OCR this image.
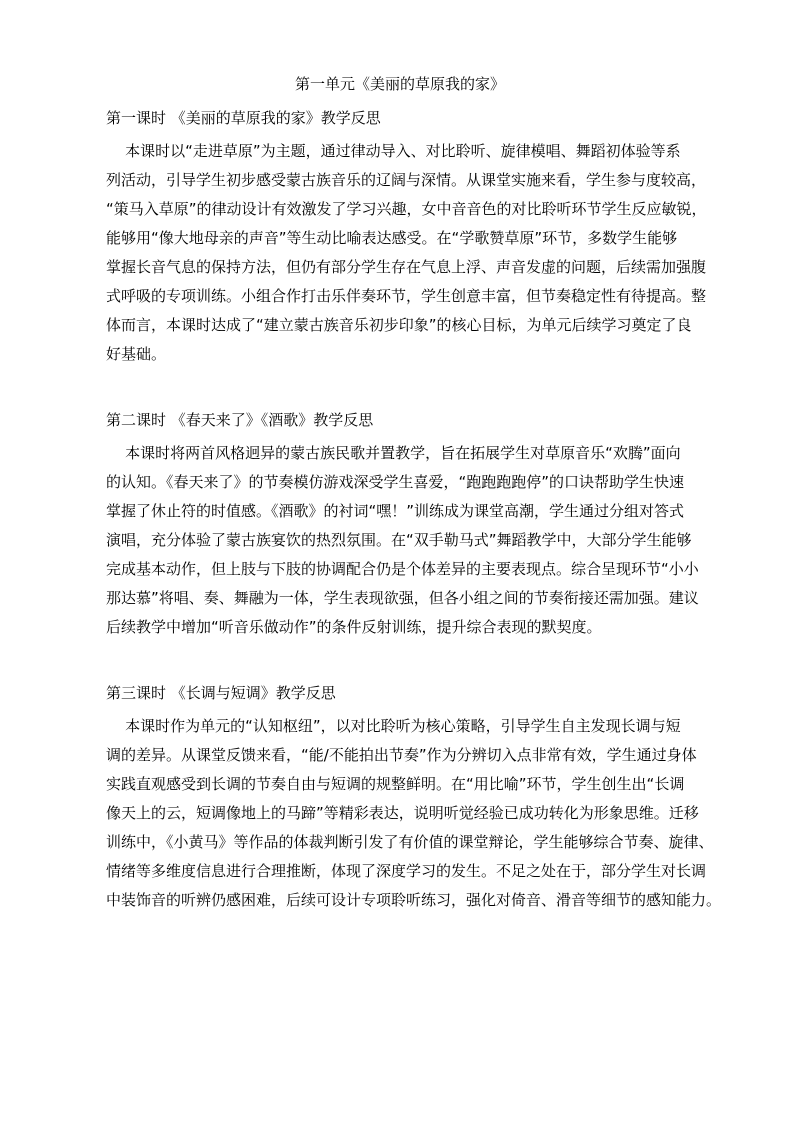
第一单元《美丽的草原我的家》
第一课时 《美丽的草原我的家》教学反思
本课时以“走进草原”为主题，通过律动导入、对比聆听、旋律模唱、舞蹈初体验等系
列活动，引导学生初步感受蒙古族音乐的辽阔与深情。从课堂实施来看，学生参与度较高，
“策马入草原”的律动设计有效激发了学习兴趣，女中音音色的对比聆听环节学生反应敏锐，
能够用“像大地母亲的声音”等生动比喻表达感受。在“学歌赞草原”环节，多数学生能够
掌握长音气息的保持方法，但仍有部分学生存在气息上浮、声音发虚的问题，后续需加强腹
式呼吸的专项训练。小组合作打击乐伴奏环节，学生创意丰富，但节奏稳定性有待提高。整
体而言，本课时达成了“建立蒙古族音乐初步印象”的核心目标，为单元后续学习奠定了良
好基础。
第二课时 《春天来了》《酒歌》教学反思
本课时将两首风格迥异的蒙古族民歌并置教学，旨在拓展学生对草原音乐“欢腾”面向
的认知。《春天来了》的节奏模仿游戏深受学生喜爱，“跑跑跑跑停”的口诀帮助学生快速
掌握了休止符的时值感。《酒歌》的衬词“嘿！”训练成为课堂高潮，学生通过分组对答式
演唱，充分体验了蒙古族宴饮的热烈氛围。在“双手勒马式”舞蹈教学中，大部分学生能够
完成基本动作，但上肢与下肢的协调配合仍是个体差异的主要表现点。综合呈现环节“小小
那达慕”将唱、奏、舞融为一体，学生表现欲强，但各小组之间的节奏衔接还需加强。建议
后续教学中增加“听音乐做动作”的条件反射训练，提升综合表现的默契度。
第三课时 《长调与短调》教学反思
本课时作为单元的“认知枢纽”，以对比聆听为核心策略，引导学生自主发现长调与短
调的差异。从课堂反馈来看，“能/不能拍出节奏”作为分辨切入点非常有效，学生通过身体
实践直观感受到长调的节奏自由与短调的规整鲜明。在“用比喻”环节，学生创生出“长调
像天上的云，短调像地上的马蹄”等精彩表达，说明听觉经验已成功转化为形象思维。迁移
训练中，《小黄马》等作品的体裁判断引发了有价值的课堂辩论，学生能够综合节奏、旋律、
情绪等多维度信息进行合理推断，体现了深度学习的发生。不足之处在于，部分学生对长调
中装饰音的听辨仍感困难，后续可设计专项聆听练习，强化对倚音、滑音等细节的感知能力。
